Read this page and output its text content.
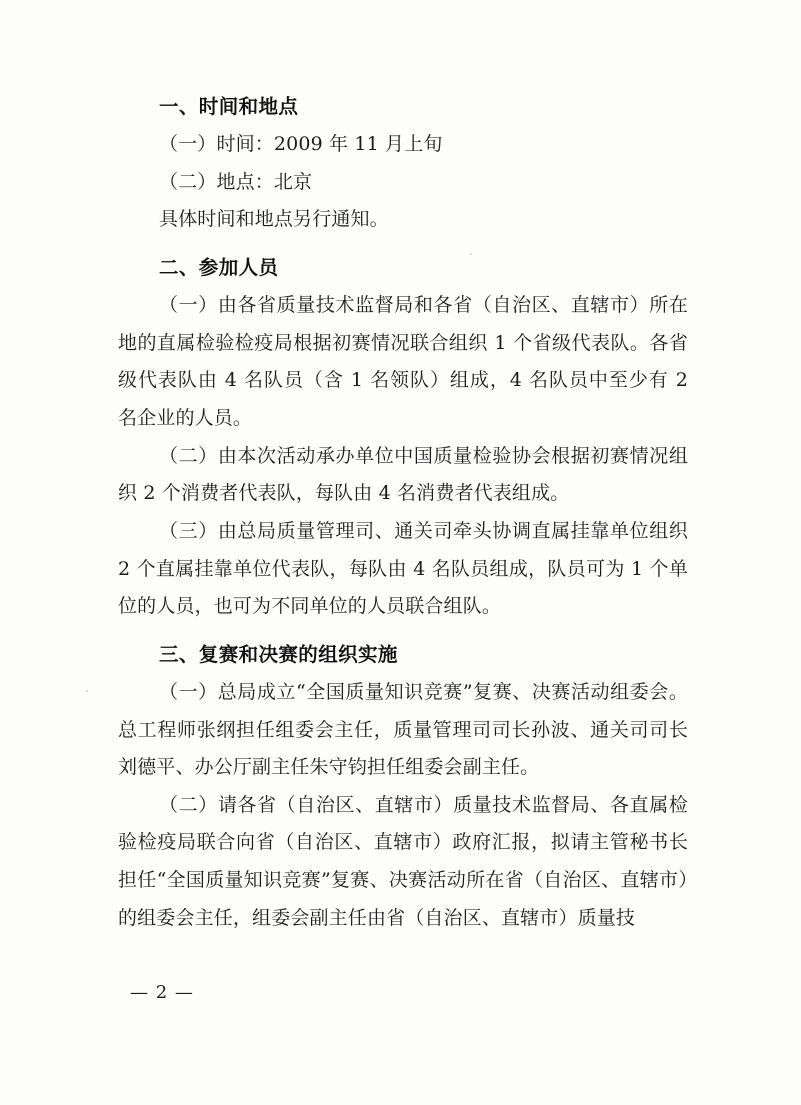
一、时间和地点

（一）时间：2009 年 11 月上旬

（二）地点：北京

具体时间和地点另行通知。

二、参加人员

（一）由各省质量技术监督局和各省（自治区、直辖市）所在地的直属检验检疫局根据初赛情况联合组织 1 个省级代表队。各省级代表队由 4 名队员（含 1 名领队）组成，4 名队员中至少有 2 名企业的人员。

（二）由本次活动承办单位中国质量检验协会根据初赛情况组织 2 个消费者代表队，每队由 4 名消费者代表组成。

（三）由总局质量管理司、通关司牵头协调直属挂靠单位组织 2 个直属挂靠单位代表队，每队由 4 名队员组成，队员可为 1 个单位的人员，也可为不同单位的人员联合组队。

三、复赛和决赛的组织实施

（一）总局成立“全国质量知识竞赛”复赛、决赛活动组委会。总工程师张纲担任组委会主任，质量管理司司长孙波、通关司司长刘德平、办公厅副主任朱守钧担任组委会副主任。

（二）请各省（自治区、直辖市）质量技术监督局、各直属检验检疫局联合向省（自治区、直辖市）政府汇报，拟请主管秘书长担任“全国质量知识竞赛”复赛、决赛活动所在省（自治区、直辖市）的组委会主任，组委会副主任由省（自治区、直辖市）质量技

— 2 —
